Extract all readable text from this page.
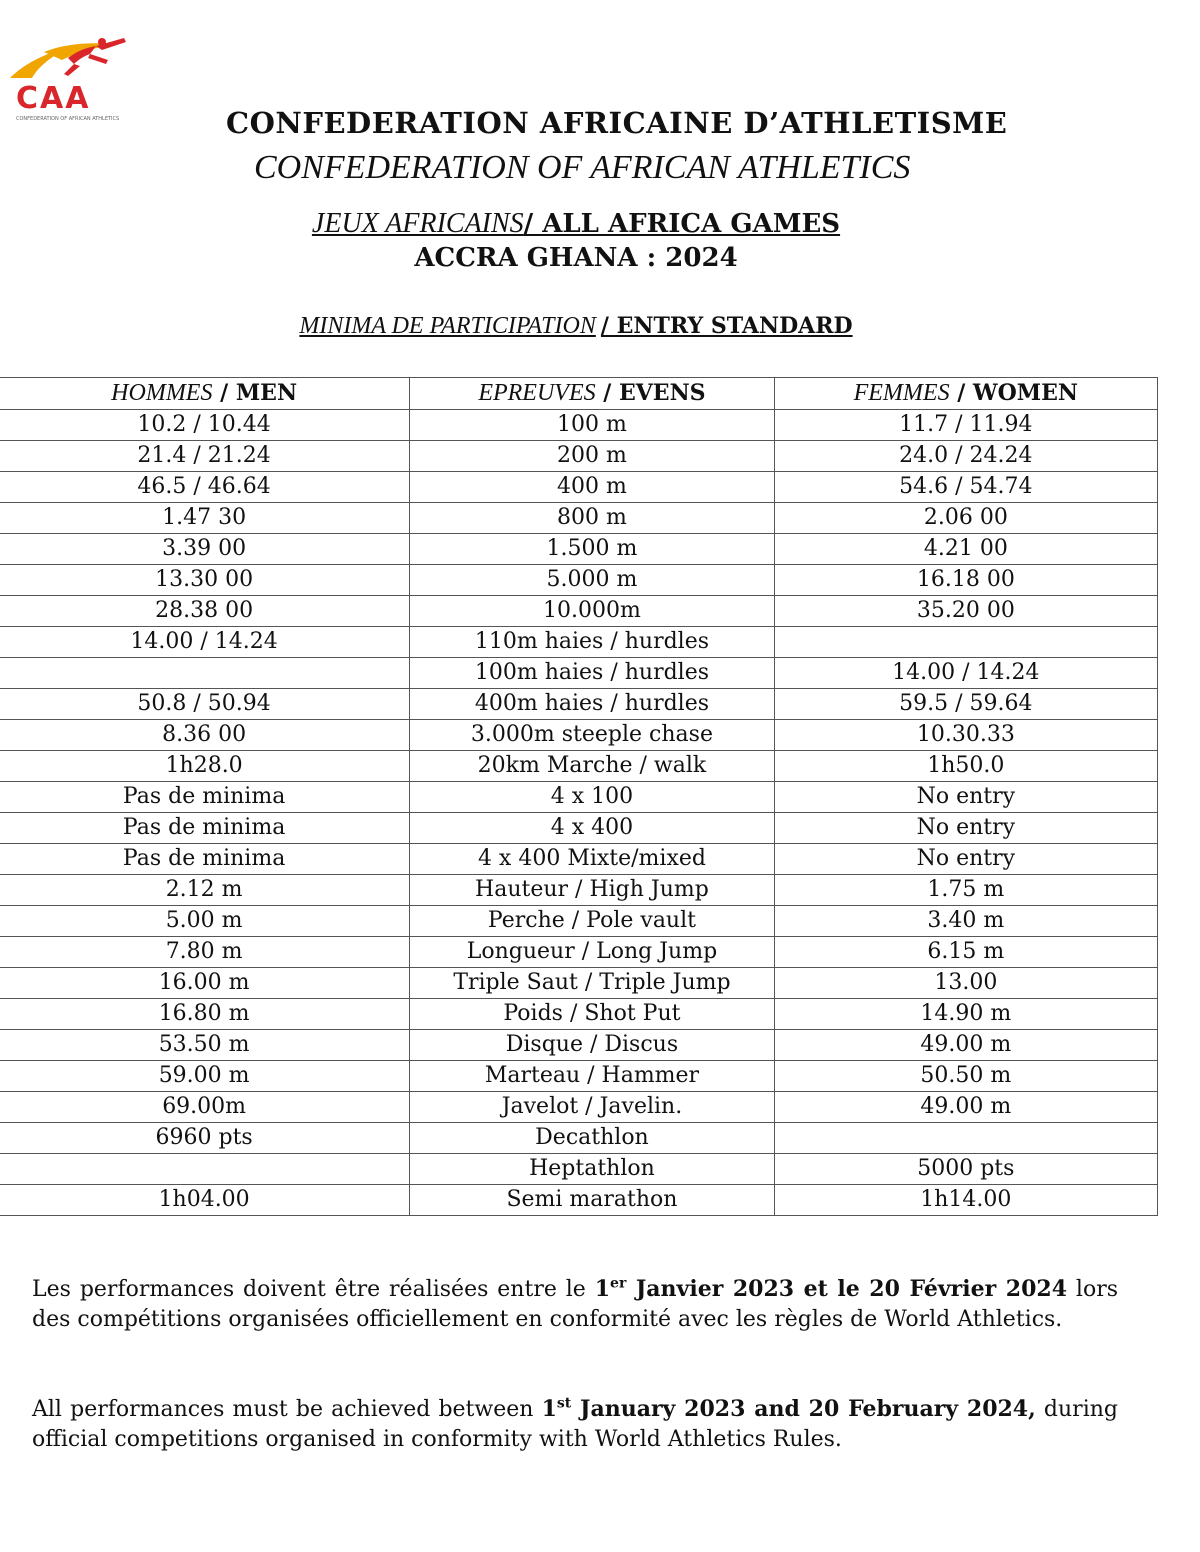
CAA
CONFEDERATION OF AFRICAN ATHLETICS	CONFEDERATION AFRICAINE D’ATHLETISME
CONFEDERATION OF AFRICAN ATHLETICS
JEUX AFRICAINS/ ALL AFRICA GAMES
ACCRA GHANA : 2024
MINIMA DE PARTICIPATION / ENTRY STANDARD
HOMMES / MEN	EPREUVES / EVENS	FEMMES / WOMEN
10.2 / 10.44	100 m	11.7 / 11.94
21.4 / 21.24	200 m	24.0 / 24.24
46.5 / 46.64	400 m	54.6 / 54.74
1.47 30	800 m	2.06 00
3.39 00	1.500 m	4.21 00
13.30 00	5.000 m	16.18 00
28.38 00	10.000m	35.20 00
14.00 / 14.24	110m haies / hurdles	
	100m haies / hurdles	14.00 / 14.24
50.8 / 50.94	400m haies / hurdles	59.5 / 59.64
8.36 00	3.000m steeple chase	10.30.33
1h28.0	20km Marche / walk	1h50.0
Pas de minima	4 x 100	No entry
Pas de minima	4 x 400	No entry
Pas de minima	4 x 400 Mixte/mixed	No entry
2.12 m	Hauteur / High Jump	1.75 m
5.00 m	Perche / Pole vault	3.40 m
7.80 m	Longueur / Long Jump	6.15 m
16.00 m	Triple Saut / Triple Jump	13.00
16.80 m	Poids / Shot Put	14.90 m
53.50 m	Disque / Discus	49.00 m
59.00 m	Marteau / Hammer	50.50 m
69.00m	Javelot / Javelin.	49.00 m
6960 pts	Decathlon	
	Heptathlon	5000 pts
1h04.00	Semi marathon	1h14.00
Les performances doivent être réalisées entre le 1er Janvier 2023 et le 20 Février 2024 lors des compétitions organisées officiellement en conformité avec les règles de World Athletics.
All performances must be achieved between 1st January 2023 and 20 February 2024, during official competitions organised in conformity with World Athletics Rules.
